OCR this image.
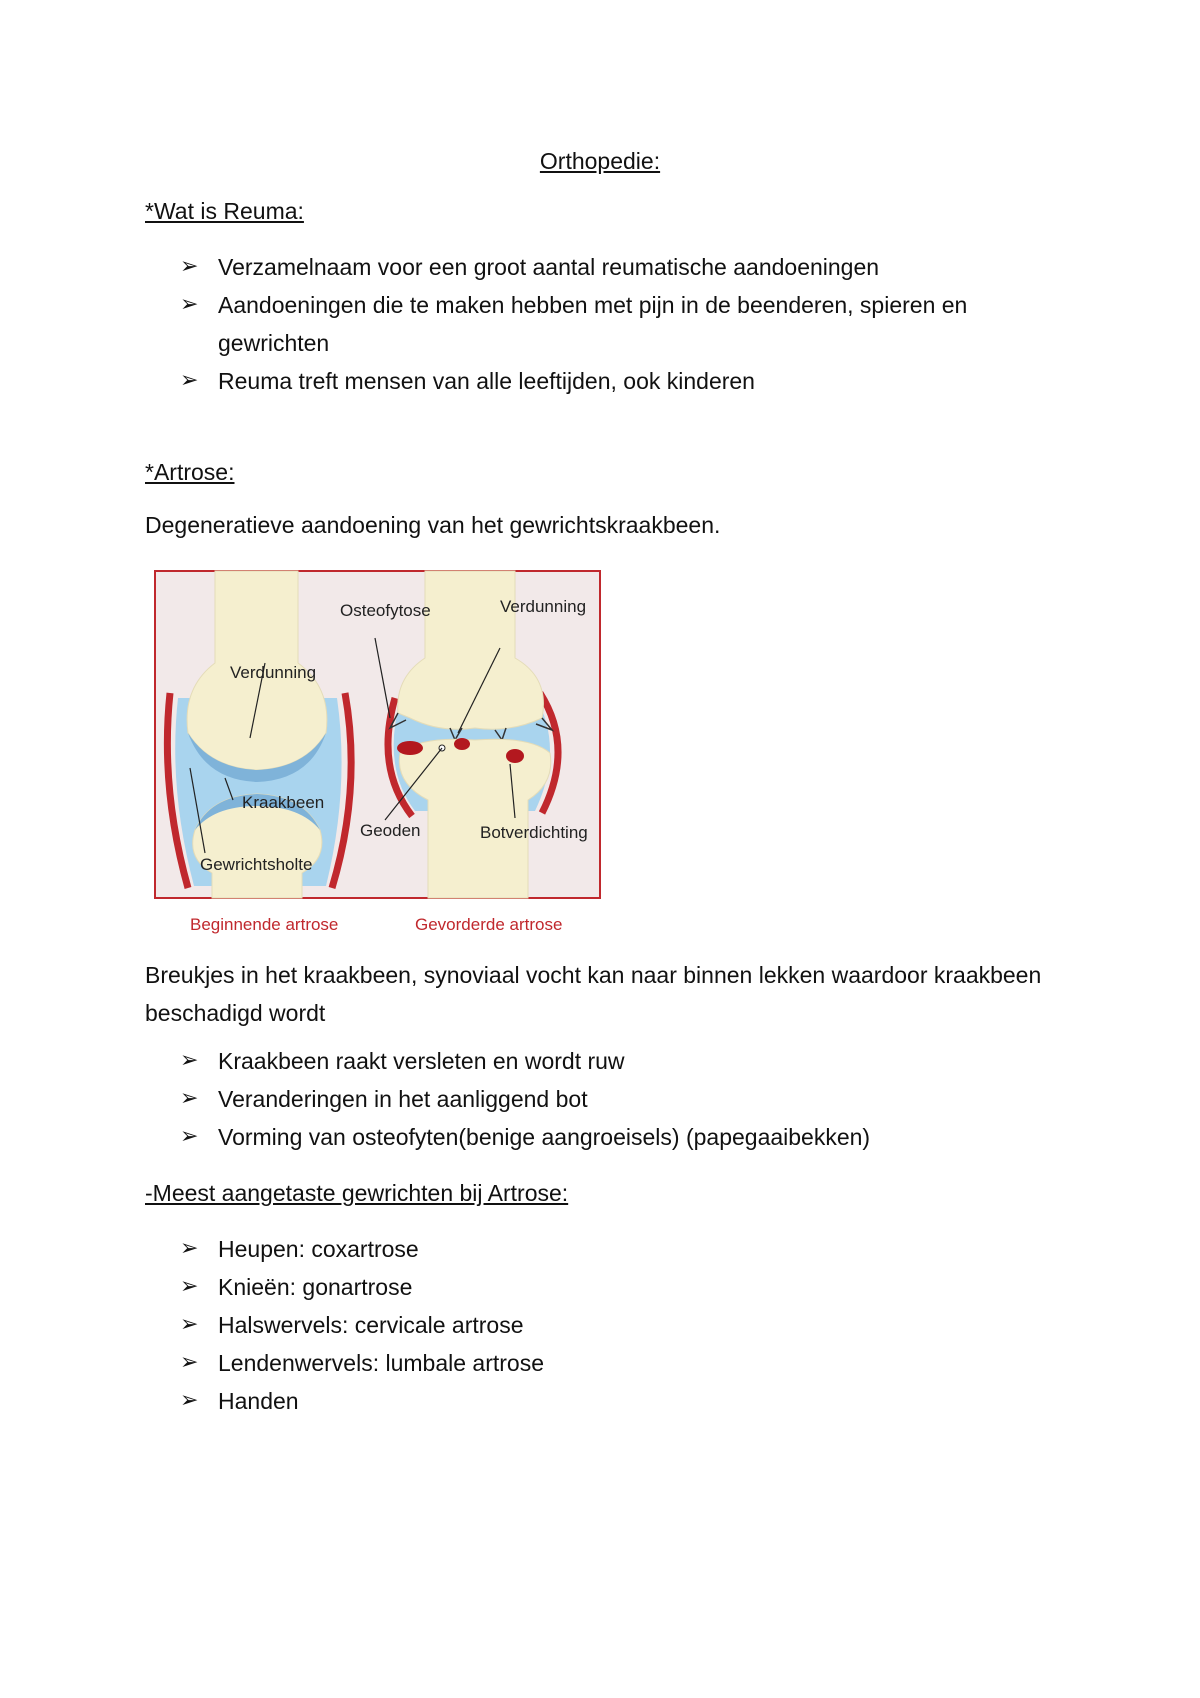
Orthopedie:
*Wat is Reuma:
➢ Verzamelnaam voor een groot aantal reumatische aandoeningen
➢ Aandoeningen die te maken hebben met pijn in de beenderen, spieren en gewrichten
➢ Reuma treft mensen van alle leeftijden, ook kinderen
*Artrose:
Degeneratieve aandoening van het gewrichtskraakbeen.
Osteofytose	Verdunning
Verdunning
Kraakbeen
Geoden	Botverdichting
Gewrichtsholte
Beginnende artrose	Gevorderde artrose
Breukjes in het kraakbeen, synoviaal vocht kan naar binnen lekken waardoor kraakbeen beschadigd wordt
➢ Kraakbeen raakt versleten en wordt ruw
➢ Veranderingen in het aanliggend bot
➢ Vorming van osteofyten(benige aangroeisels) (papegaaibekken)
-Meest aangetaste gewrichten bij Artrose:
➢ Heupen: coxartrose
➢ Knieën: gonartrose
➢ Halswervels: cervicale artrose
➢ Lendenwervels: lumbale artrose
➢ Handen
